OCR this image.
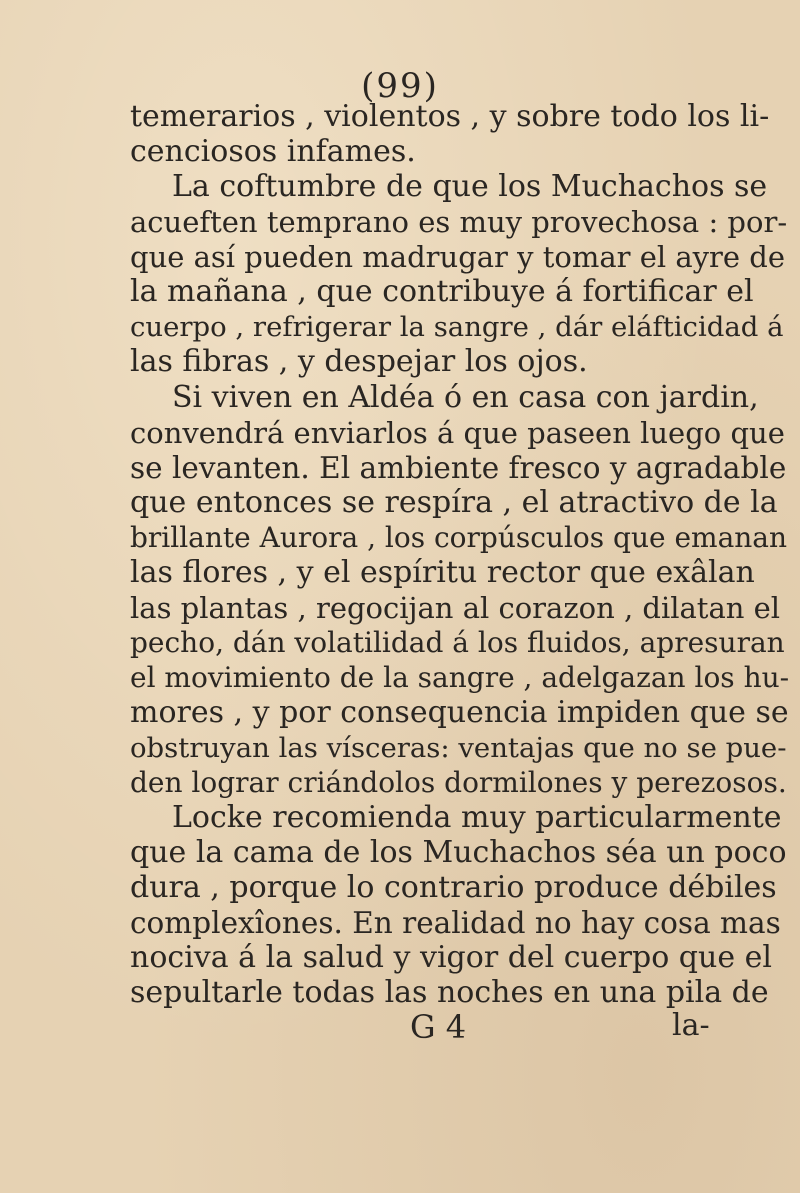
(99)
temerarios , violentos , y sobre todo los li-
cenciosos infames.
La coftumbre de que los Muchachos se
acueften temprano es muy provechosa : por-
que así pueden madrugar y tomar el ayre de
la mañana , que contribuye á fortificar el
cuerpo , refrigerar la sangre , dár eláfticidad á
las fibras , y despejar los ojos.
Si viven en Aldéa ó en casa con jardin,
convendrá enviarlos á que paseen luego que
se levanten. El ambiente fresco y agradable
que entonces se respíra , el atractivo de la
brillante Aurora , los corpúsculos que emanan
las flores , y el espíritu rector que exâlan
las plantas , regocijan al corazon , dilatan el
pecho, dán volatilidad á los fluidos, apresuran
el movimiento de la sangre , adelgazan los hu-
mores , y por consequencia impiden que se
obstruyan las vísceras: ventajas que no se pue-
den lograr criándolos dormilones y perezosos.
Locke recomienda muy particularmente
que la cama de los Muchachos séa un poco
dura , porque lo contrario produce débiles
complexîones. En realidad no hay cosa mas
nociva á la salud y vigor del cuerpo que el
sepultarle todas las noches en una pila de
G 4	la-
